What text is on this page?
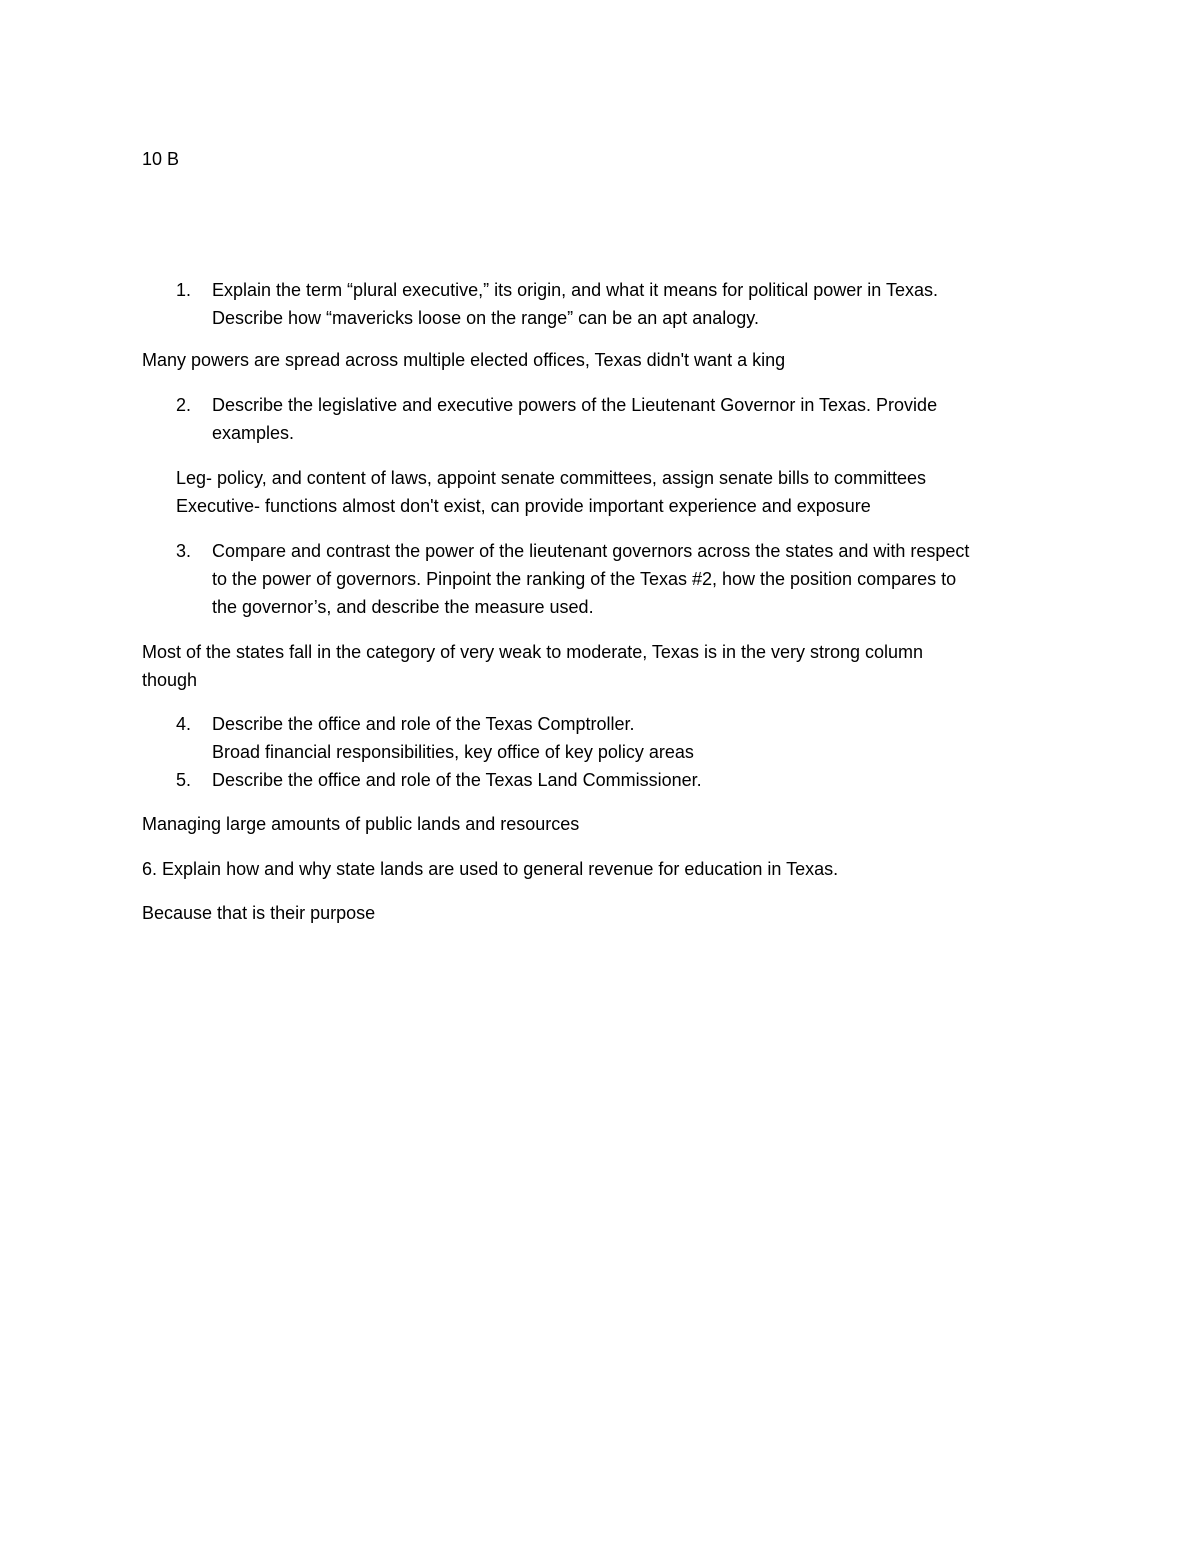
10 B
1. Explain the term “plural executive,” its origin, and what it means for political power in Texas.
Describe how “mavericks loose on the range” can be an apt analogy.
Many powers are spread across multiple elected offices, Texas didn't want a king
2. Describe the legislative and executive powers of the Lieutenant Governor in Texas. Provide
examples.
Leg- policy, and content of laws, appoint senate committees, assign senate bills to committees
Executive- functions almost don't exist, can provide important experience and exposure
3. Compare and contrast the power of the lieutenant governors across the states and with respect
to the power of governors. Pinpoint the ranking of the Texas #2, how the position compares to
the governor’s, and describe the measure used.
Most of the states fall in the category of very weak to moderate, Texas is in the very strong column
though
4. Describe the office and role of the Texas Comptroller.
Broad financial responsibilities, key office of key policy areas
5. Describe the office and role of the Texas Land Commissioner.
Managing large amounts of public lands and resources
6. Explain how and why state lands are used to general revenue for education in Texas.
Because that is their purpose
